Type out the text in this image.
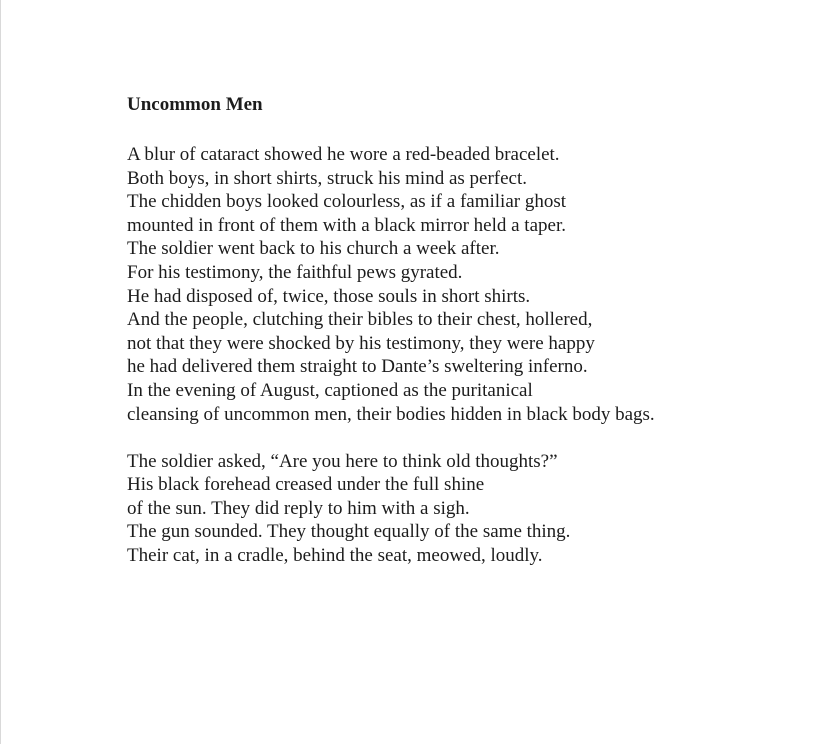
Uncommon Men

A blur of cataract showed he wore a red-beaded bracelet.
Both boys, in short shirts, struck his mind as perfect.
The chidden boys looked colourless, as if a familiar ghost
mounted in front of them with a black mirror held a taper.
The soldier went back to his church a week after.
For his testimony, the faithful pews gyrated.
He had disposed of, twice, those souls in short shirts.
And the people, clutching their bibles to their chest, hollered,
not that they were shocked by his testimony, they were happy
he had delivered them straight to Dante’s sweltering inferno.
In the evening of August, captioned as the puritanical
cleansing of uncommon men, their bodies hidden in black body bags.

The soldier asked, “Are you here to think old thoughts?”
His black forehead creased under the full shine
of the sun. They did reply to him with a sigh.
The gun sounded. They thought equally of the same thing.
Their cat, in a cradle, behind the seat, meowed, loudly.
